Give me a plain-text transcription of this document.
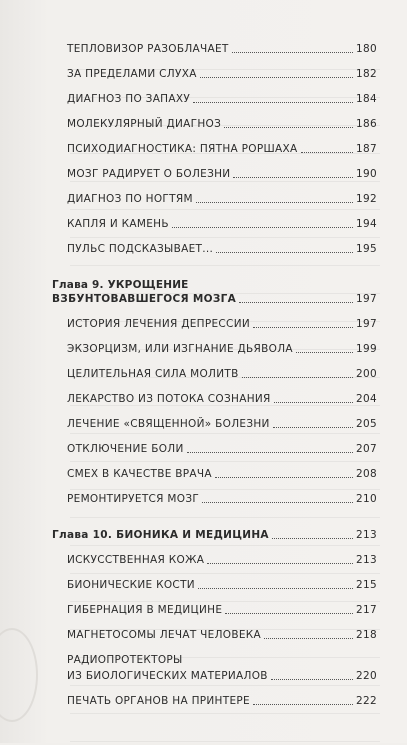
ТЕПЛОВИЗОР РАЗОБЛАЧАЕТ	180
ЗА ПРЕДЕЛАМИ СЛУХА	182
ДИАГНОЗ ПО ЗАПАХУ	184
МОЛЕКУЛЯРНЫЙ ДИАГНОЗ	186
ПСИХОДИАГНОСТИКА: ПЯТНА РОРШАХА	187
МОЗГ РАДИРУЕТ О БОЛЕЗНИ	190
ДИАГНОЗ ПО НОГТЯМ	192
КАПЛЯ И КАМЕНЬ	194
ПУЛЬС ПОДСКАЗЫВАЕТ...	195
Глава 9. УКРОЩЕНИЕ
ВЗБУНТОВАВШЕГОСЯ МОЗГА	197
ИСТОРИЯ ЛЕЧЕНИЯ ДЕПРЕССИИ	197
ЭКЗОРЦИЗМ, ИЛИ ИЗГНАНИЕ ДЬЯВОЛА	199
ЦЕЛИТЕЛЬНАЯ СИЛА МОЛИТВ	200
ЛЕКАРСТВО ИЗ ПОТОКА СОЗНАНИЯ	204
ЛЕЧЕНИЕ «СВЯЩЕННОЙ» БОЛЕЗНИ	205
ОТКЛЮЧЕНИЕ БОЛИ	207
СМЕХ В КАЧЕСТВЕ ВРАЧА	208
РЕМОНТИРУЕТСЯ МОЗГ	210
Глава 10. БИОНИКА И МЕДИЦИНА	213
ИСКУССТВЕННАЯ КОЖА	213
БИОНИЧЕСКИЕ КОСТИ	215
ГИБЕРНАЦИЯ В МЕДИЦИНЕ	217
МАГНЕТОСОМЫ ЛЕЧАТ ЧЕЛОВЕКА	218
РАДИОПРОТЕКТОРЫ
ИЗ БИОЛОГИЧЕСКИХ МАТЕРИАЛОВ	220
ПЕЧАТЬ ОРГАНОВ НА ПРИНТЕРЕ	222
